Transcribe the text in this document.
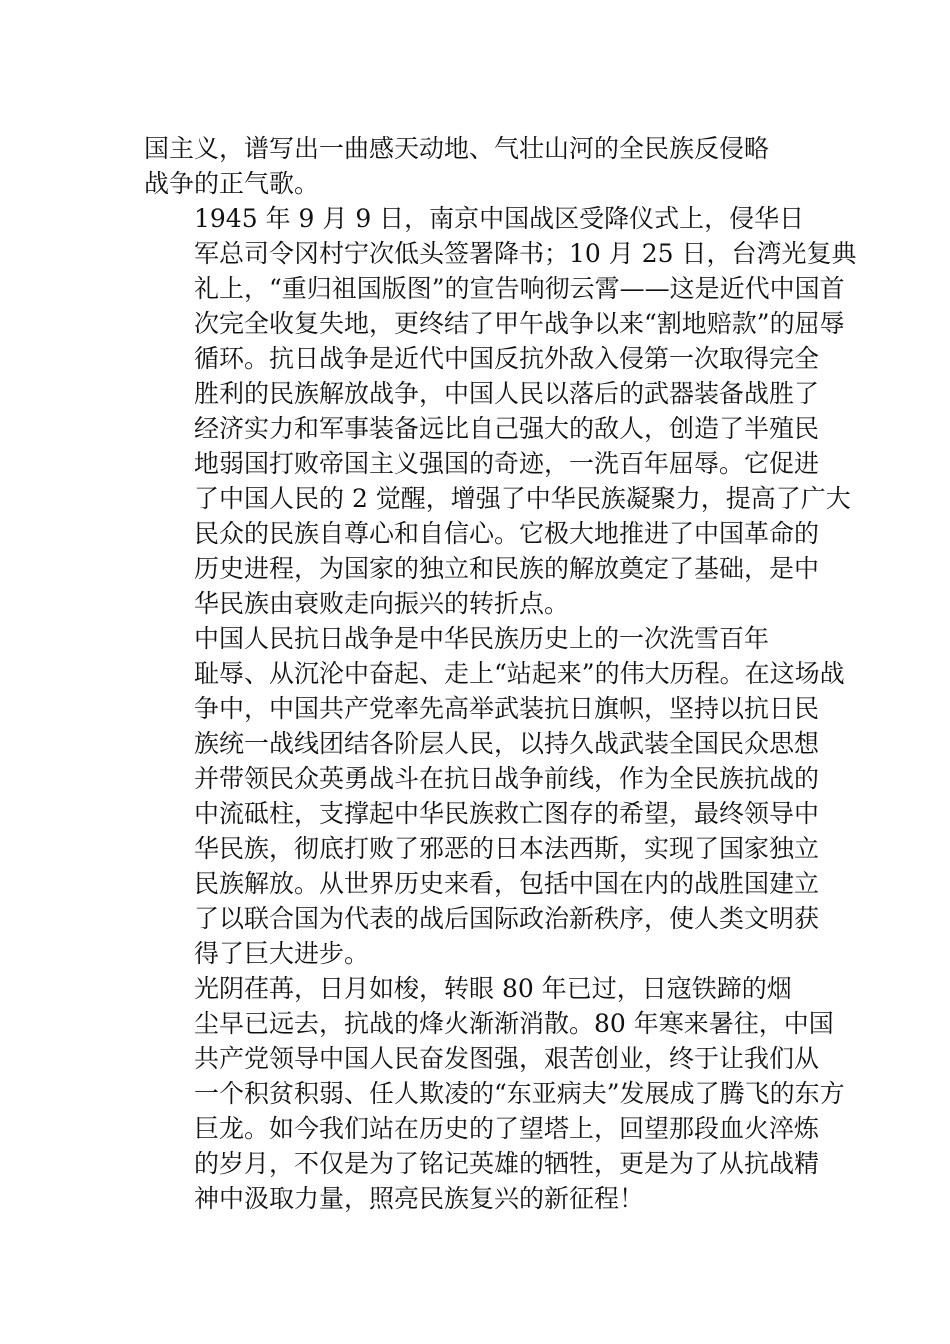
国主义，谱写出一曲感天动地、气壮山河的全民族反侵略
战争的正气歌。

1945 年 9 月 9 日，南京中国战区受降仪式上，侵华日
军总司令冈村宁次低头签署降书；10 月 25 日，台湾光复典
礼上，“重归祖国版图”的宣告响彻云霄——这是近代中国首
次完全收复失地，更终结了甲午战争以来“割地赔款”的屈辱
循环。抗日战争是近代中国反抗外敌入侵第一次取得完全
胜利的民族解放战争，中国人民以落后的武器装备战胜了
经济实力和军事装备远比自己强大的敌人，创造了半殖民
地弱国打败帝国主义强国的奇迹，一洗百年屈辱。它促进
了中国人民的 2 觉醒，增强了中华民族凝聚力，提高了广大
民众的民族自尊心和自信心。它极大地推进了中国革命的
历史进程，为国家的独立和民族的解放奠定了基础，是中
华民族由衰败走向振兴的转折点。

中国人民抗日战争是中华民族历史上的一次洗雪百年
耻辱、从沉沦中奋起、走上“站起来”的伟大历程。在这场战
争中，中国共产党率先高举武装抗日旗帜，坚持以抗日民
族统一战线团结各阶层人民，以持久战武装全国民众思想
并带领民众英勇战斗在抗日战争前线，作为全民族抗战的
中流砥柱，支撑起中华民族救亡图存的希望，最终领导中
华民族，彻底打败了邪恶的日本法西斯，实现了国家独立
民族解放。从世界历史来看，包括中国在内的战胜国建立
了以联合国为代表的战后国际政治新秩序，使人类文明获
得了巨大进步。

光阴荏苒，日月如梭，转眼 80 年已过，日寇铁蹄的烟
尘早已远去，抗战的烽火渐渐消散。80 年寒来暑往，中国
共产党领导中国人民奋发图强，艰苦创业，终于让我们从
一个积贫积弱、任人欺凌的“东亚病夫”发展成了腾飞的东方
巨龙。如今我们站在历史的了望塔上，回望那段血火淬炼
的岁月，不仅是为了铭记英雄的牺牲，更是为了从抗战精
神中汲取力量，照亮民族复兴的新征程！
